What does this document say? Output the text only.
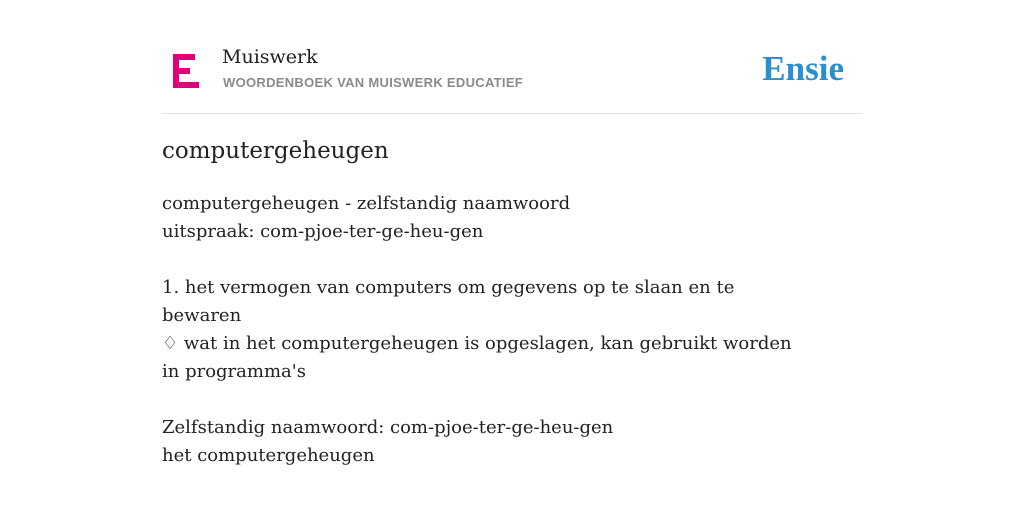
Muiswerk
WOORDENBOEK VAN MUISWERK EDUCATIEF	Ensie
computergeheugen
computergeheugen - zelfstandig naamwoord
uitspraak: com-pjoe-ter-ge-heu-gen
1. het vermogen van computers om gegevens op te slaan en te bewaren
♢ wat in het computergeheugen is opgeslagen, kan gebruikt worden in programma's
Zelfstandig naamwoord: com-pjoe-ter-ge-heu-gen
het computergeheugen
